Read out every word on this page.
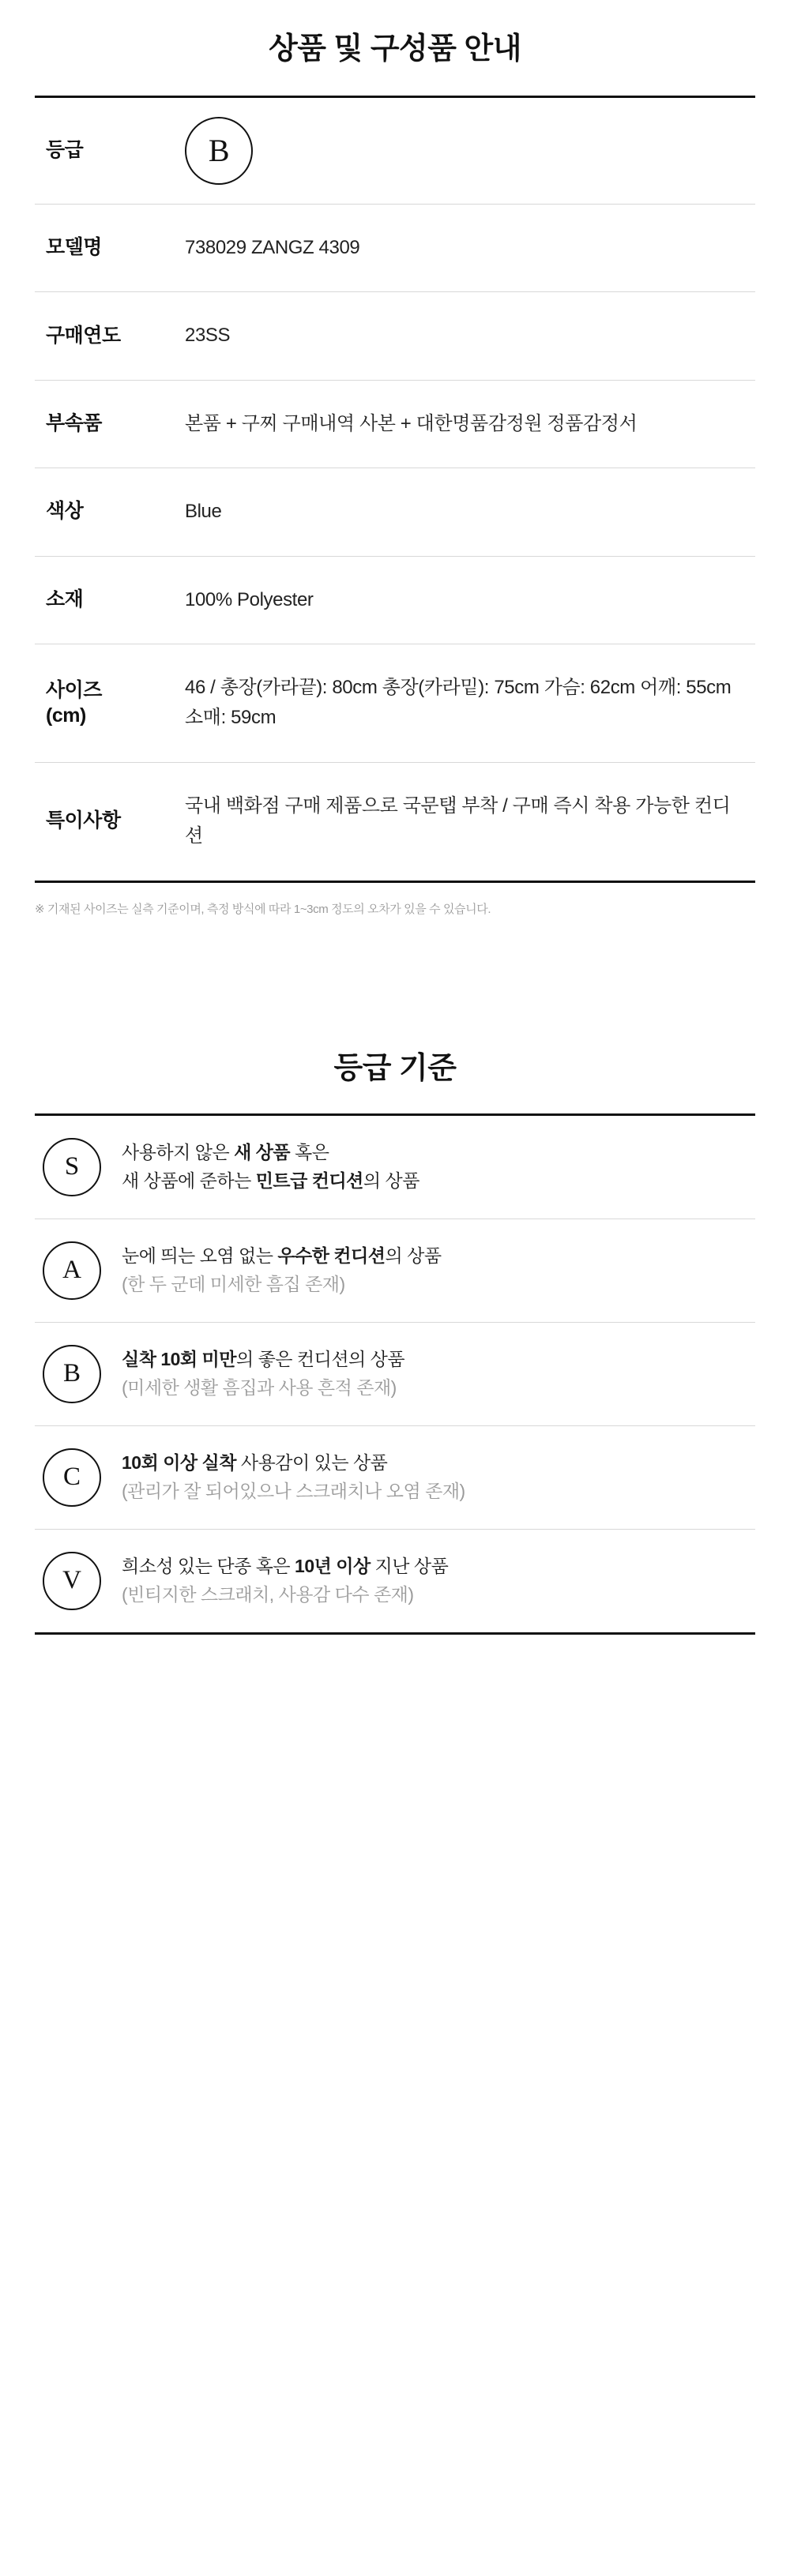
상품 및 구성품 안내
등급	B

모델명	738029 ZANGZ 4309
구매연도	23SS
부속품	본품 + 구찌 구매내역 사본 + 대한명품감정원 정품감정서
색상	Blue
소재	100% Polyester
사이즈
(cm)	46 / 총장(카라끝): 80cm 총장(카라밑): 75cm 가슴: 62cm 어깨: 55cm 소매: 59cm
특이사항	국내 백화점 구매 제품으로 국문탭 부착 / 구매 즉시 착용 가능한 컨디션
※ 기재된 사이즈는 실측 기준이며, 측정 방식에 따라 1~3cm 정도의 오차가 있을 수 있습니다.
등급 기준
S
사용하지 않은 새 상품 혹은
새 상품에 준하는 민트급 컨디션의 상품
A
눈에 띄는 오염 없는 우수한 컨디션의 상품
(한 두 군데 미세한 흠집 존재)
B
실착 10회 미만의 좋은 컨디션의 상품
(미세한 생활 흠집과 사용 흔적 존재)
C
10회 이상 실착 사용감이 있는 상품
(관리가 잘 되어있으나 스크래치나 오염 존재)
V
희소성 있는 단종 혹은 10년 이상 지난 상품
(빈티지한 스크래치, 사용감 다수 존재)
